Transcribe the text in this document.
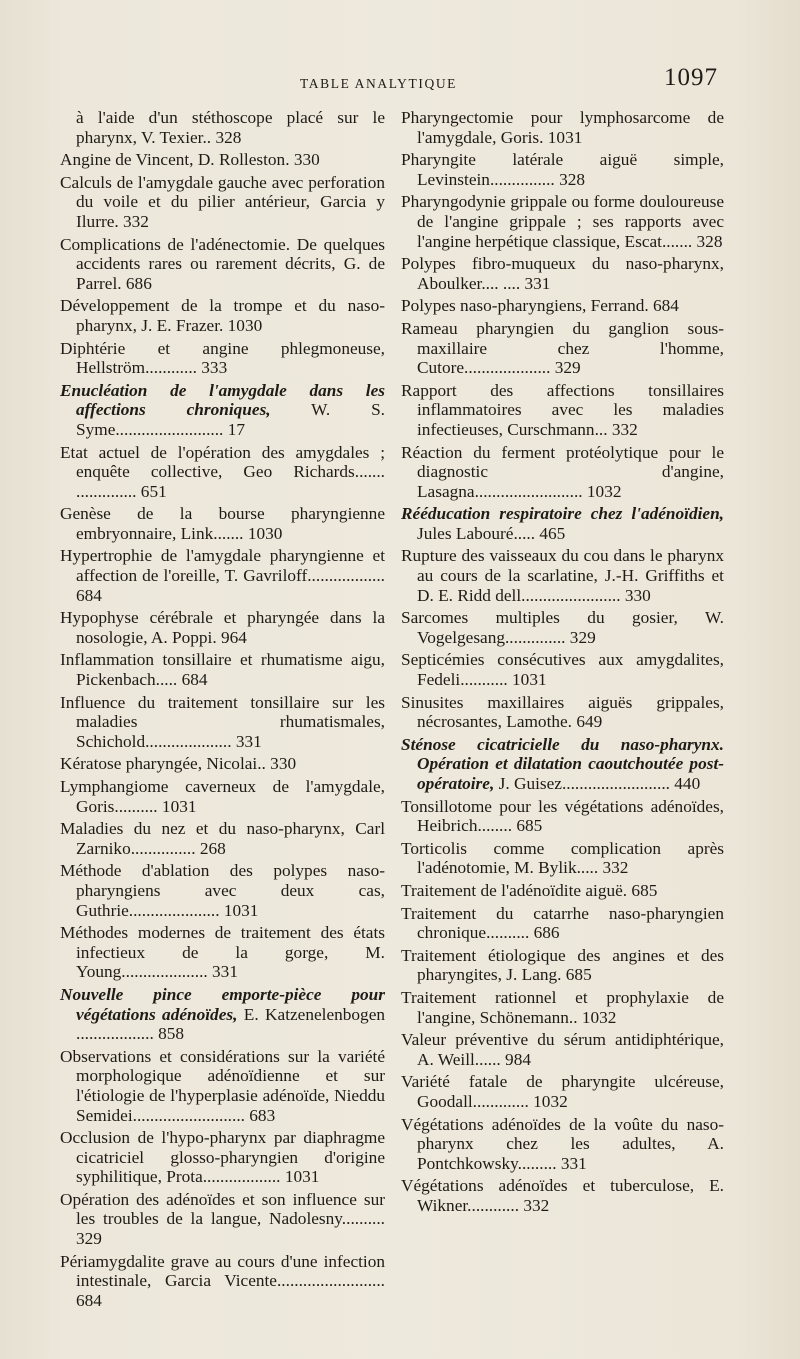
TABLE ANALYTIQUE	1097
à l'aide d'un stéthoscope placé sur le pharynx, V. Texier.. 328
Angine de Vincent, D. Rolleston. 330
Calculs de l'amygdale gauche avec perforation du voile et du pilier antérieur, Garcia y Ilurre. 332
Complications de l'adénectomie. De quelques accidents rares ou rarement décrits, G. de Parrel. 686
Développement de la trompe et du naso-pharynx, J. E. Frazer. 1030
Diphtérie et angine phlegmoneuse, Hellström............ 333
Enucléation de l'amygdale dans les affections chroniques, W. S. Syme......................... 17
Etat actuel de l'opération des amygdales ; enquête collective, Geo Richards....... .............. 651
Genèse de la bourse pharyngienne embryonnaire, Link....... 1030
Hypertrophie de l'amygdale pharyngienne et affection de l'oreille, T. Gavriloff.................. 684
Hypophyse cérébrale et pharyngée dans la nosologie, A. Poppi. 964
Inflammation tonsillaire et rhumatisme aigu, Pickenbach..... 684
Influence du traitement tonsillaire sur les maladies rhumatismales, Schichold.................... 331
Kératose pharyngée, Nicolai.. 330
Lymphangiome caverneux de l'amygdale, Goris.......... 1031
Maladies du nez et du naso-pharynx, Carl Zarniko............... 268
Méthode d'ablation des polypes naso-pharyngiens avec deux cas, Guthrie..................... 1031
Méthodes modernes de traitement des états infectieux de la gorge, M. Young.................... 331
Nouvelle pince emporte-pièce pour végétations adénoïdes, E. Katzenelenbogen .................. 858
Observations et considérations sur la variété morphologique adénoïdienne et sur l'étiologie de l'hyperplasie adénoïde, Nieddu Semidei.......................... 683
Occlusion de l'hypo-pharynx par diaphragme cicatriciel glosso-pharyngien d'origine syphilitique, Prota.................. 1031
Opération des adénoïdes et son influence sur les troubles de la langue, Nadolesny.......... 329
Périamygdalite grave au cours d'une infection intestinale, Garcia Vicente......................... 684
Pharyngectomie pour lymphosarcome de l'amygdale, Goris. 1031
Pharyngite latérale aiguë simple, Levinstein............... 328
Pharyngodynie grippale ou forme douloureuse de l'angine grippale ; ses rapports avec l'angine herpétique classique, Escat....... 328
Polypes fibro-muqueux du naso-pharynx, Aboulker.... .... 331
Polypes naso-pharyngiens, Ferrand. 684
Rameau pharyngien du ganglion sous-maxillaire chez l'homme, Cutore.................... 329
Rapport des affections tonsillaires inflammatoires avec les maladies infectieuses, Curschmann... 332
Réaction du ferment protéolytique pour le diagnostic d'angine, Lasagna......................... 1032
Rééducation respiratoire chez l'adénoïdien, Jules Labouré..... 465
Rupture des vaisseaux du cou dans le pharynx au cours de la scarlatine, J.-H. Griffiths et D. E. Ridd dell....................... 330
Sarcomes multiples du gosier, W. Vogelgesang.............. 329
Septicémies consécutives aux amygdalites, Fedeli........... 1031
Sinusites maxillaires aiguës grippales, nécrosantes, Lamothe. 649
Sténose cicatricielle du naso-pharynx. Opération et dilatation caoutchoutée post-opératoire, J. Guisez......................... 440
Tonsillotome pour les végétations adénoïdes, Heibrich........ 685
Torticolis comme complication après l'adénotomie, M. Bylik..... 332
Traitement de l'adénoïdite aiguë. 685
Traitement du catarrhe naso-pharyngien chronique.......... 686
Traitement étiologique des angines et des pharyngites, J. Lang. 685
Traitement rationnel et prophylaxie de l'angine, Schönemann.. 1032
Valeur préventive du sérum antidiphtérique, A. Weill...... 984
Variété fatale de pharyngite ulcéreuse, Goodall............. 1032
Végétations adénoïdes de la voûte du naso-pharynx chez les adultes, A. Pontchkowsky......... 331
Végétations adénoïdes et tuberculose, E. Wikner............ 332
